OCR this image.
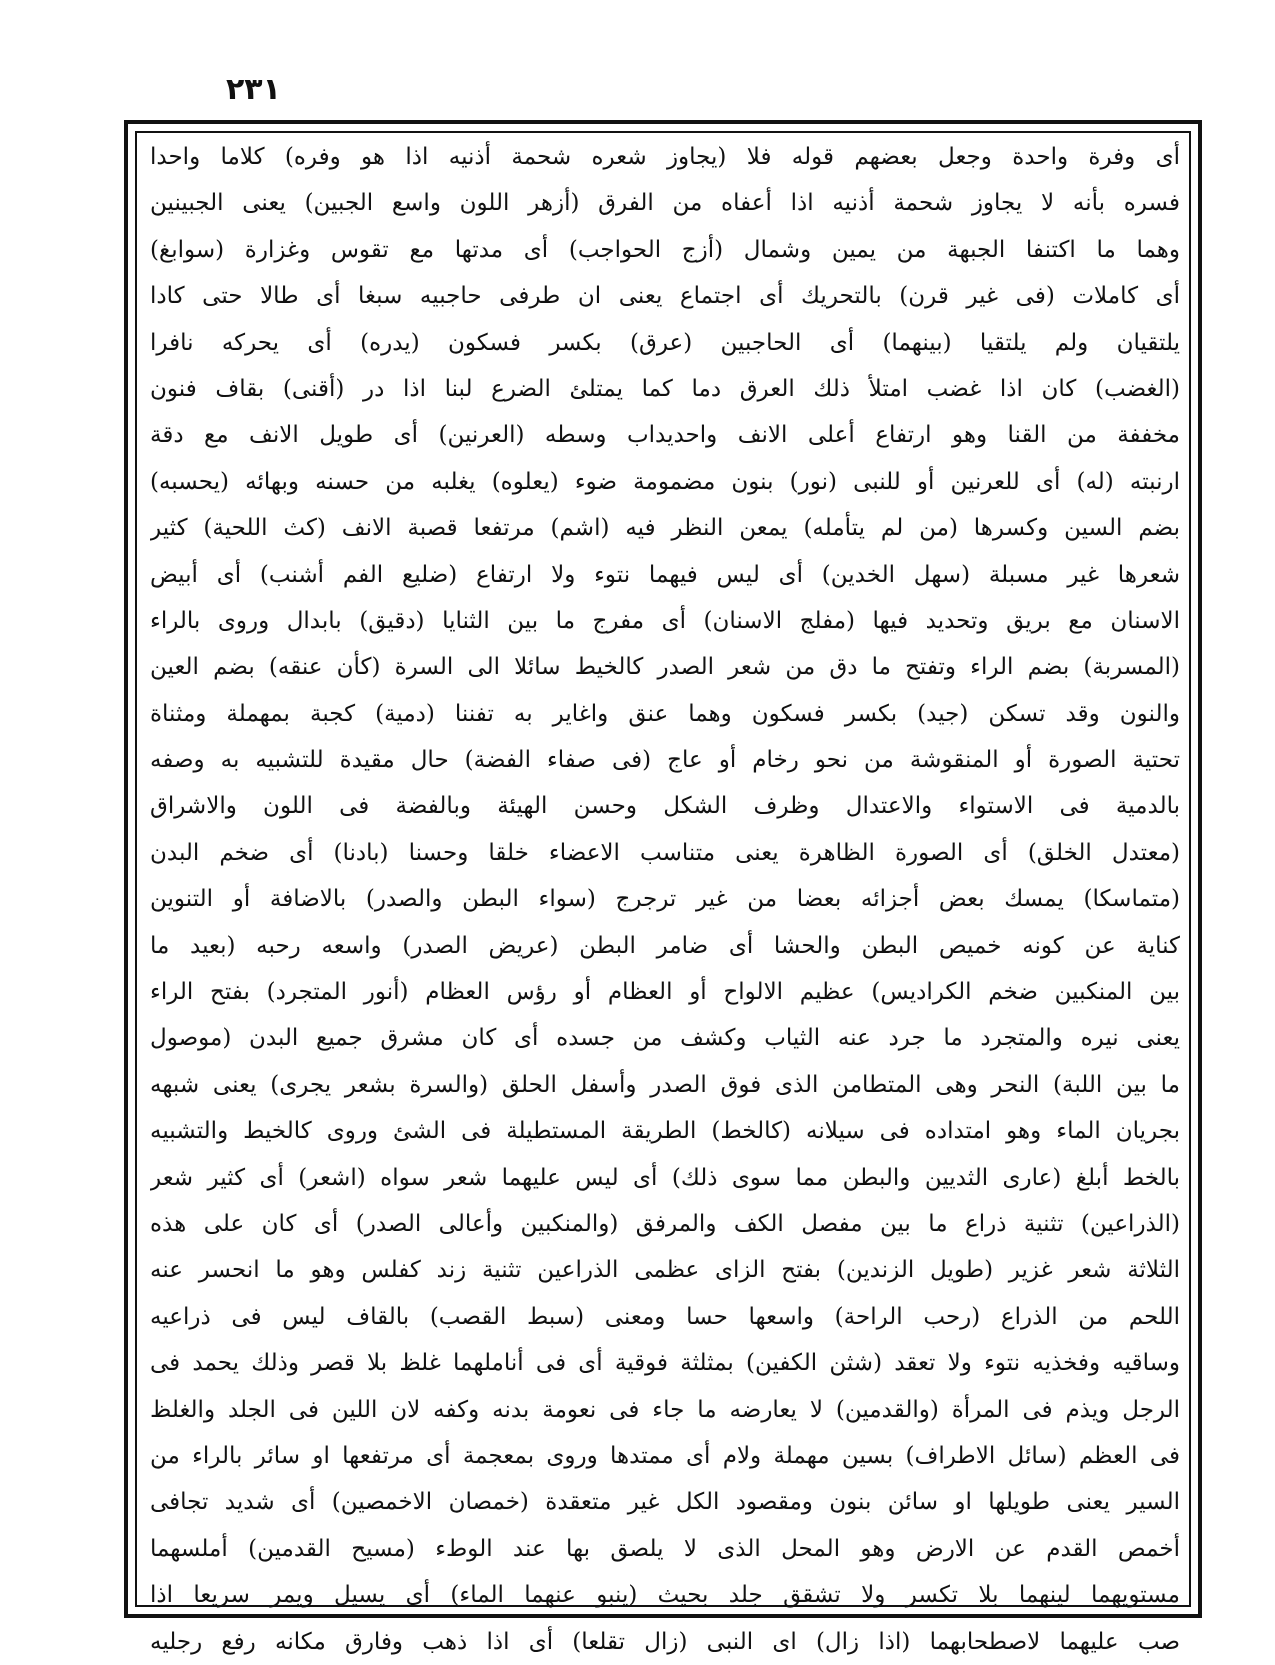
٢٣١
أى وفرة واحدة وجعل بعضهم قوله فلا (يجاوز شعره شحمة أذنيه اذا هو وفره) كلاما واحدا
فسره بأنه لا يجاوز شحمة أذنيه اذا أعفاه من الفرق (أزهر اللون واسع الجبين) يعنى الجبينين
وهما ما اكتنفا الجبهة من يمين وشمال (أزج الحواجب) أى مدتها مع تقوس وغزارة (سوابغ)
أى كاملات (فى غير قرن) بالتحريك أى اجتماع يعنى ان طرفى حاجبيه سبغا أى طالا حتى كادا
يلتقيان ولم يلتقيا (بينهما) أى الحاجبين (عرق) بكسر فسكون (يدره) أى يحركه نافرا
(الغضب) كان اذا غضب امتلأ ذلك العرق دما كما يمتلئ الضرع لبنا اذا در (أقنى) بقاف فنون
مخففة من القنا وهو ارتفاع أعلى الانف واحديداب وسطه (العرنين) أى طويل الانف مع دقة
ارنبته (له) أى للعرنين أو للنبى (نور) بنون مضمومة ضوء (يعلوه) يغلبه من حسنه وبهائه (يحسبه)
بضم السين وكسرها (من لم يتأمله) يمعن النظر فيه (اشم) مرتفعا قصبة الانف (كث اللحية) كثير
شعرها غير مسبلة (سهل الخدين) أى ليس فيهما نتوء ولا ارتفاع (ضليع الفم أشنب) أى أبيض
الاسنان مع بريق وتحديد فيها (مفلج الاسنان) أى مفرج ما بين الثنايا (دقيق) بابدال وروى بالراء
(المسربة) بضم الراء وتفتح ما دق من شعر الصدر كالخيط سائلا الى السرة (كأن عنقه) بضم العين
والنون وقد تسكن (جيد) بكسر فسكون وهما عنق واغاير به تفننا (دمية) كجبة بمهملة ومثناة
تحتية الصورة أو المنقوشة من نحو رخام أو عاج (فى صفاء الفضة) حال مقيدة للتشبيه به وصفه
بالدمية فى الاستواء والاعتدال وظرف الشكل وحسن الهيئة وبالفضة فى اللون والاشراق
(معتدل الخلق) أى الصورة الظاهرة يعنى متناسب الاعضاء خلقا وحسنا (بادنا) أى ضخم البدن
(متماسكا) يمسك بعض أجزائه بعضا من غير ترجرج (سواء البطن والصدر) بالاضافة أو التنوين
كناية عن كونه خميص البطن والحشا أى ضامر البطن (عريض الصدر) واسعه رحبه (بعيد ما
بين المنكبين ضخم الكراديس) عظيم الالواح أو العظام أو رؤس العظام (أنور المتجرد) بفتح الراء
يعنى نيره والمتجرد ما جرد عنه الثياب وكشف من جسده أى كان مشرق جميع البدن (موصول
ما بين اللبة) النحر وهى المتطامن الذى فوق الصدر وأسفل الحلق (والسرة بشعر يجرى) يعنى شبهه
بجريان الماء وهو امتداده فى سيلانه (كالخط) الطريقة المستطيلة فى الشئ وروى كالخيط والتشبيه
بالخط أبلغ (عارى الثديين والبطن مما سوى ذلك) أى ليس عليهما شعر سواه (اشعر) أى كثير شعر
(الذراعين) تثنية ذراع ما بين مفصل الكف والمرفق (والمنكبين وأعالى الصدر) أى كان على هذه
الثلاثة شعر غزير (طويل الزندين) بفتح الزاى عظمى الذراعين تثنية زند كفلس وهو ما انحسر عنه
اللحم من الذراع (رحب الراحة) واسعها حسا ومعنى (سبط القصب) بالقاف ليس فى ذراعيه
وساقيه وفخذيه نتوء ولا تعقد (شثن الكفين) بمثلثة فوقية أى فى أناملهما غلظ بلا قصر وذلك يحمد فى
الرجل ويذم فى المرأة (والقدمين) لا يعارضه ما جاء فى نعومة بدنه وكفه لان اللين فى الجلد والغلظ
فى العظم (سائل الاطراف) بسين مهملة ولام أى ممتدها وروى بمعجمة أى مرتفعها او سائر بالراء من
السير يعنى طويلها او سائن بنون ومقصود الكل غير متعقدة (خمصان الاخمصين) أى شديد تجافى
أخمص القدم عن الارض وهو المحل الذى لا يلصق بها عند الوطء (مسيح القدمين) أملسهما
مستويهما لينهما بلا تكسر ولا تشقق جلد بحيث (ينبو عنهما الماء) أى يسيل ويمر سريعا اذا
صب عليهما لاصطحابهما (اذا زال) اى النبى (زال تقلعا) أى اذا ذهب وفارق مكانه رفع رجليه
